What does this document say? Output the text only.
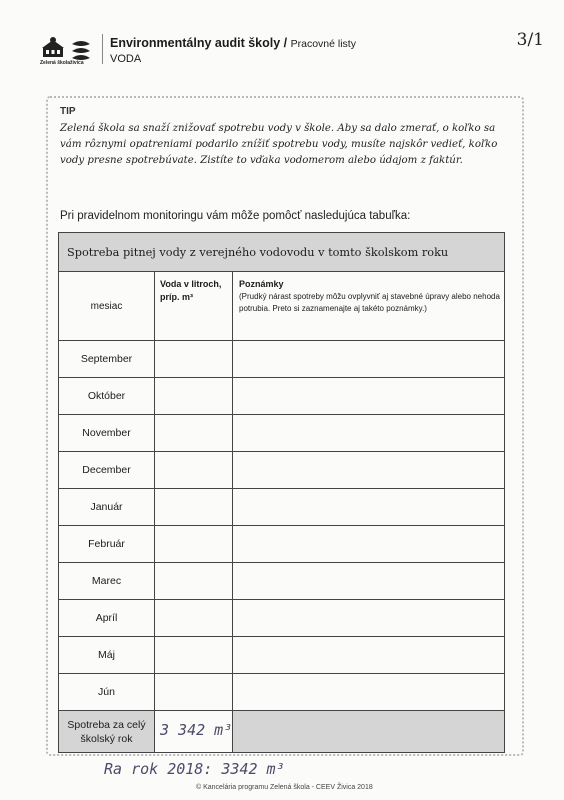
Zelená škola živica
Environmentálny audit školy / Pracovné listy
VODA
3/1
TIP
Zelená škola sa snaží znižovať spotrebu vody v škole. Aby sa dalo zmerať, o koľko sa vám rôznymi opatreniami podarilo znížiť spotrebu vody, musíte najskôr vedieť, koľko vody presne spotrebúvate. Zistíte to vďaka vodomerom alebo údajom z faktúr.
Pri pravidelnom monitoringu vám môže pomôcť nasledujúca tabuľka:
Spotreba pitnej vody z verejného vodovodu v tomto školskom roku		
mesiac	Voda v litroch, príp. m³	Poznámky
(Prudký nárast spotreby môžu ovplyvniť aj stavebné úpravy alebo nehoda potrubia. Preto si zaznamenajte aj takéto poznámky.)
September		
Október		
November		
December		
Január		
Február		
Marec		
Apríl		
Máj		
Jún		
Spotreba za celý školský rok	3 342 m³	

Ra rok 2018: 3342 m³
© Kancelária programu Zelená škola - CEEV Živica 2018
